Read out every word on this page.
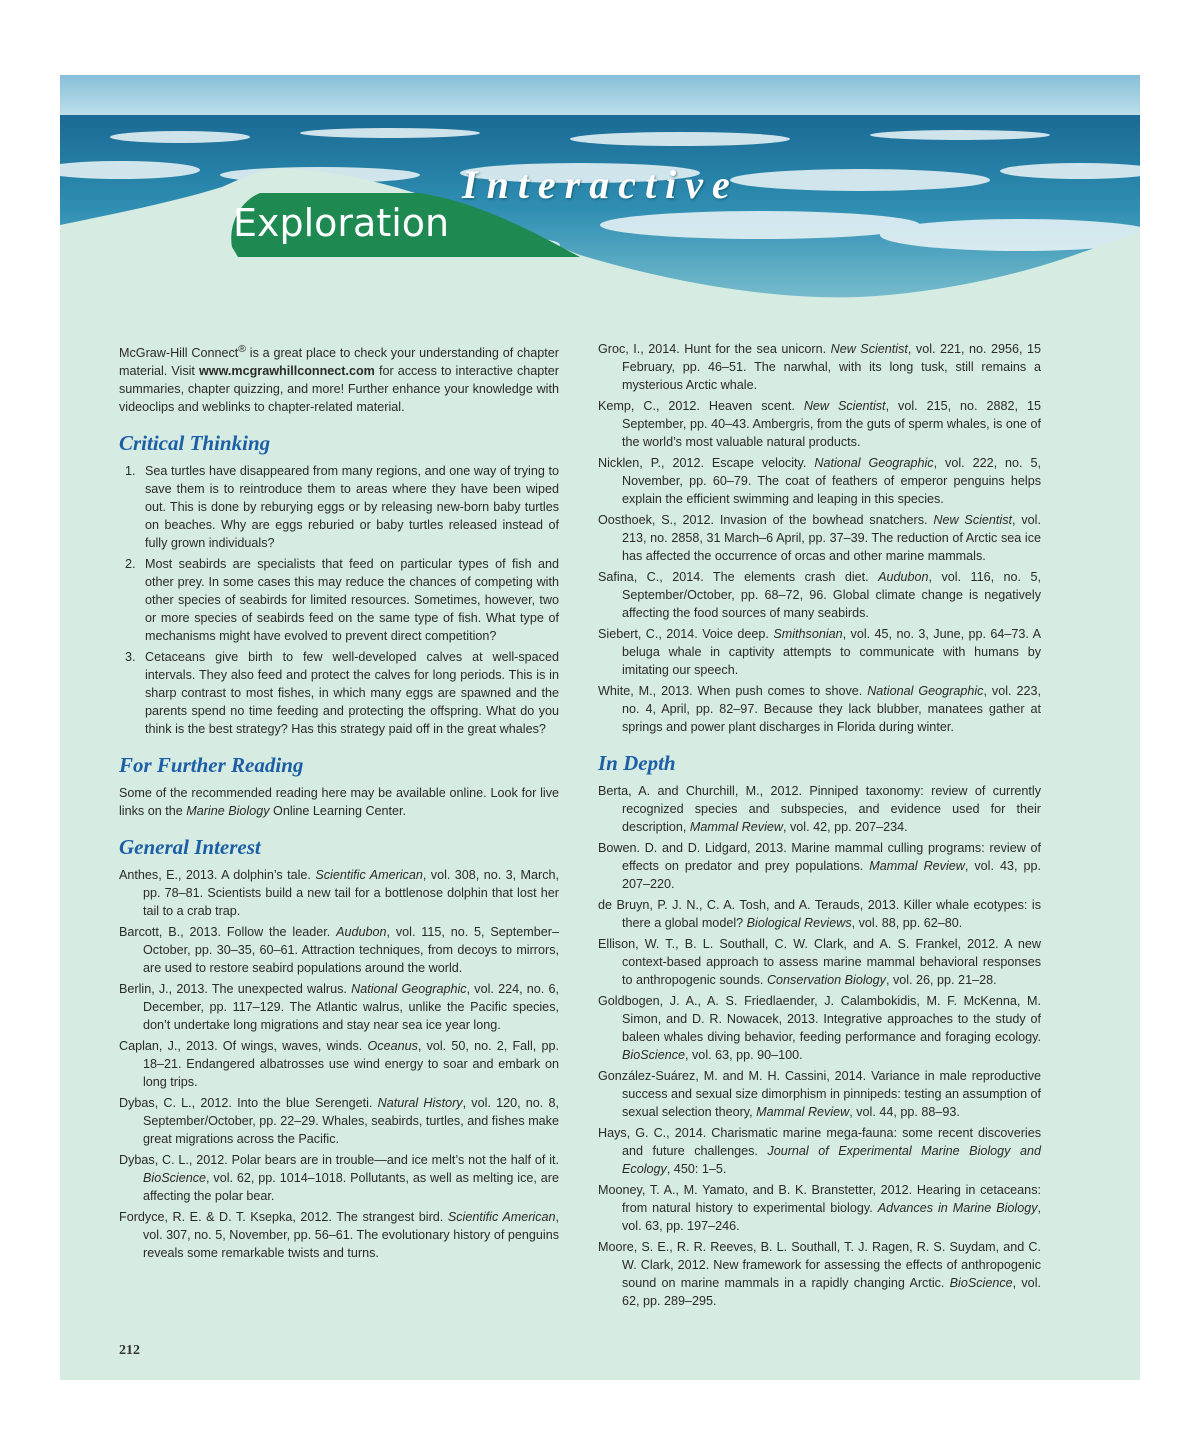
Interactive
Exploration

McGraw-Hill Connect® is a great place to check your understanding of chapter material. Visit www.mcgrawhillconnect.com for access to interactive chapter summaries, chapter quizzing, and more! Further enhance your knowledge with videoclips and weblinks to chapter-related material.

Critical Thinking
1. Sea turtles have disappeared from many regions, and one way of trying to save them is to reintroduce them to areas where they have been wiped out. This is done by reburying eggs or by releasing new-born baby turtles on beaches. Why are eggs reburied or baby turtles released instead of fully grown individuals?
2. Most seabirds are specialists that feed on particular types of fish and other prey. In some cases this may reduce the chances of competing with other species of seabirds for limited resources. Sometimes, however, two or more species of seabirds feed on the same type of fish. What type of mechanisms might have evolved to prevent direct competition?
3. Cetaceans give birth to few well-developed calves at well-spaced intervals. They also feed and protect the calves for long periods. This is in sharp contrast to most fishes, in which many eggs are spawned and the parents spend no time feeding and protecting the offspring. What do you think is the best strategy? Has this strategy paid off in the great whales?
For Further Reading

Some of the recommended reading here may be available online. Look for live links on the Marine Biology Online Learning Center.

General Interest

Anthes, E., 2013. A dolphin’s tale. Scientific American, vol. 308, no. 3, March, pp. 78–81. Scientists build a new tail for a bottlenose dolphin that lost her tail to a crab trap.

Barcott, B., 2013. Follow the leader. Audubon, vol. 115, no. 5, September–October, pp. 30–35, 60–61. Attraction techniques, from decoys to mirrors, are used to restore seabird populations around the world.

Berlin, J., 2013. The unexpected walrus. National Geographic, vol. 224, no. 6, December, pp. 117–129. The Atlantic walrus, unlike the Pacific species, don’t undertake long migrations and stay near sea ice year long.

Caplan, J., 2013. Of wings, waves, winds. Oceanus, vol. 50, no. 2, Fall, pp. 18–21. Endangered albatrosses use wind energy to soar and embark on long trips.

Dybas, C. L., 2012. Into the blue Serengeti. Natural History, vol. 120, no. 8, September/October, pp. 22–29. Whales, seabirds, turtles, and fishes make great migrations across the Pacific.

Dybas, C. L., 2012. Polar bears are in trouble—and ice melt’s not the half of it. BioScience, vol. 62, pp. 1014–1018. Pollutants, as well as melting ice, are affecting the polar bear.

Fordyce, R. E. & D. T. Ksepka, 2012. The strangest bird. Scientific American, vol. 307, no. 5, November, pp. 56–61. The evolutionary history of penguins reveals some remarkable twists and turns.

Groc, I., 2014. Hunt for the sea unicorn. New Scientist, vol. 221, no. 2956, 15 February, pp. 46–51. The narwhal, with its long tusk, still remains a mysterious Arctic whale.

Kemp, C., 2012. Heaven scent. New Scientist, vol. 215, no. 2882, 15 September, pp. 40–43. Ambergris, from the guts of sperm whales, is one of the world’s most valuable natural products.

Nicklen, P., 2012. Escape velocity. National Geographic, vol. 222, no. 5, November, pp. 60–79. The coat of feathers of emperor penguins helps explain the efficient swimming and leaping in this species.

Oosthoek, S., 2012. Invasion of the bowhead snatchers. New Scientist, vol. 213, no. 2858, 31 March–6 April, pp. 37–39. The reduction of Arctic sea ice has affected the occurrence of orcas and other marine mammals.

Safina, C., 2014. The elements crash diet. Audubon, vol. 116, no. 5, September/October, pp. 68–72, 96. Global climate change is negatively affecting the food sources of many seabirds.

Siebert, C., 2014. Voice deep. Smithsonian, vol. 45, no. 3, June, pp. 64–73. A beluga whale in captivity attempts to communicate with humans by imitating our speech.

White, M., 2013. When push comes to shove. National Geographic, vol. 223, no. 4, April, pp. 82–97. Because they lack blubber, manatees gather at springs and power plant discharges in Florida during winter.

In Depth

Berta, A. and Churchill, M., 2012. Pinniped taxonomy: review of currently recognized species and subspecies, and evidence used for their description, Mammal Review, vol. 42, pp. 207–234.

Bowen. D. and D. Lidgard, 2013. Marine mammal culling programs: review of effects on predator and prey populations. Mammal Review, vol. 43, pp. 207–220.

de Bruyn, P. J. N., C. A. Tosh, and A. Terauds, 2013. Killer whale ecotypes: is there a global model? Biological Reviews, vol. 88, pp. 62–80.

Ellison, W. T., B. L. Southall, C. W. Clark, and A. S. Frankel, 2012. A new context-based approach to assess marine mammal behavioral responses to anthropogenic sounds. Conservation Biology, vol. 26, pp. 21–28.

Goldbogen, J. A., A. S. Friedlaender, J. Calambokidis, M. F. McKenna, M. Simon, and D. R. Nowacek, 2013. Integrative approaches to the study of baleen whales diving behavior, feeding performance and foraging ecology. BioScience, vol. 63, pp. 90–100.

González-Suárez, M. and M. H. Cassini, 2014. Variance in male reproductive success and sexual size dimorphism in pinnipeds: testing an assumption of sexual selection theory, Mammal Review, vol. 44, pp. 88–93.

Hays, G. C., 2014. Charismatic marine mega-fauna: some recent discoveries and future challenges. Journal of Experimental Marine Biology and Ecology, 450: 1–5.

Mooney, T. A., M. Yamato, and B. K. Branstetter, 2012. Hearing in cetaceans: from natural history to experimental biology. Advances in Marine Biology, vol. 63, pp. 197–246.

Moore, S. E., R. R. Reeves, B. L. Southall, T. J. Ragen, R. S. Suydam, and C. W. Clark, 2012. New framework for assessing the effects of anthropogenic sound on marine mammals in a rapidly changing Arctic. BioScience, vol. 62, pp. 289–295.

212
